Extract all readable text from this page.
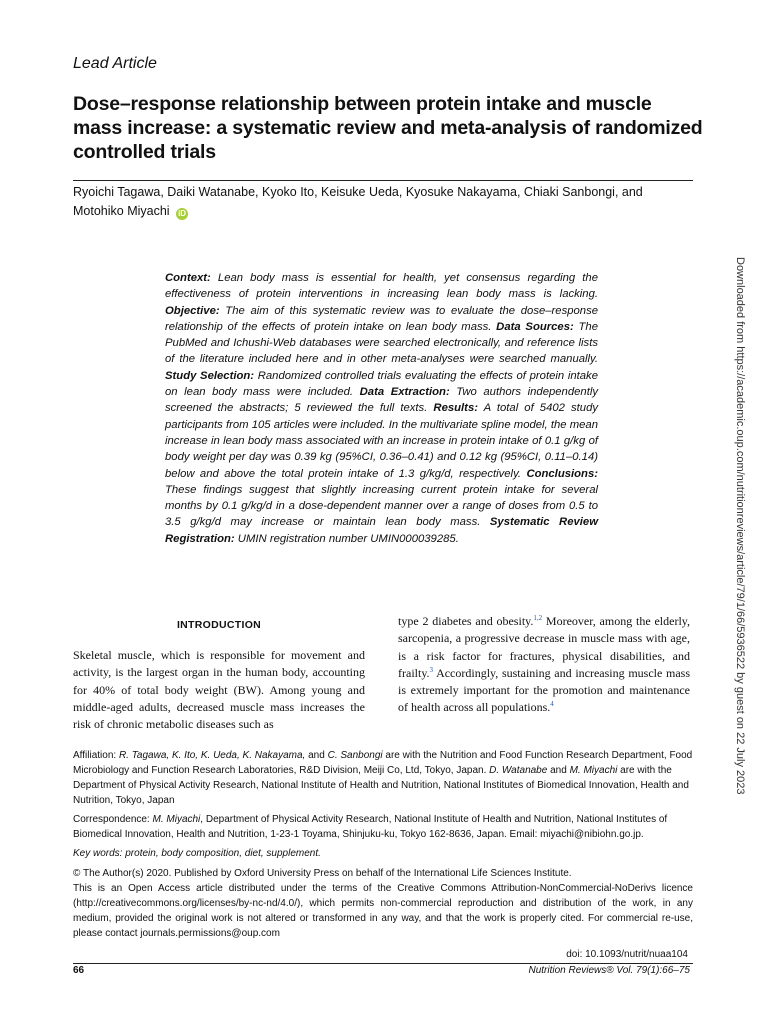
Lead Article
Dose–response relationship between protein intake and muscle mass increase: a systematic review and meta-analysis of randomized controlled trials
Ryoichi Tagawa, Daiki Watanabe, Kyoko Ito, Keisuke Ueda, Kyosuke Nakayama, Chiaki Sanbongi, and Motohiko Miyachi iD
Context: Lean body mass is essential for health, yet consensus regarding the effectiveness of protein interventions in increasing lean body mass is lacking. Objective: The aim of this systematic review was to evaluate the dose–response relationship of the effects of protein intake on lean body mass. Data Sources: The PubMed and Ichushi-Web databases were searched electronically, and reference lists of the literature included here and in other meta-analyses were searched manually. Study Selection: Randomized controlled trials evaluating the effects of protein intake on lean body mass were included. Data Extraction: Two authors independently screened the abstracts; 5 reviewed the full texts. Results: A total of 5402 study participants from 105 articles were included. In the multivariate spline model, the mean increase in lean body mass associated with an increase in protein intake of 0.1 g/kg of body weight per day was 0.39 kg (95%CI, 0.36–0.41) and 0.12 kg (95%CI, 0.11–0.14) below and above the total protein intake of 1.3 g/kg/d, respectively. Conclusions: These findings suggest that slightly increasing current protein intake for several months by 0.1 g/kg/d in a dose-dependent manner over a range of doses from 0.5 to 3.5 g/kg/d may increase or maintain lean body mass. Systematic Review Registration: UMIN registration number UMIN000039285.
INTRODUCTION
Skeletal muscle, which is responsible for movement and activity, is the largest organ in the human body, accounting for 40% of total body weight (BW). Among young and middle-aged adults, decreased muscle mass increases the risk of chronic metabolic diseases such as
type 2 diabetes and obesity.$^{1,2}$ Moreover, among the elderly, sarcopenia, a progressive decrease in muscle mass with age, is a risk factor for fractures, physical disabilities, and frailty.$^3$ Accordingly, sustaining and increasing muscle mass is extremely important for the promotion and maintenance of health across all populations.$^4$
Affiliation: R. Tagawa, K. Ito, K. Ueda, K. Nakayama, and C. Sanbongi are with the Nutrition and Food Function Research Department, Food Microbiology and Function Research Laboratories, R&D Division, Meiji Co, Ltd, Tokyo, Japan. D. Watanabe and M. Miyachi are with the Department of Physical Activity Research, National Institute of Health and Nutrition, National Institutes of Biomedical Innovation, Health and Nutrition, Tokyo, Japan
Correspondence: M. Miyachi, Department of Physical Activity Research, National Institute of Health and Nutrition, National Institutes of Biomedical Innovation, Health and Nutrition, 1-23-1 Toyama, Shinjuku-ku, Tokyo 162-8636, Japan. Email: miyachi@nibiohn.go.jp.
Key words: protein, body composition, diet, supplement.
© The Author(s) 2020. Published by Oxford University Press on behalf of the International Life Sciences Institute.
This is an Open Access article distributed under the terms of the Creative Commons Attribution-NonCommercial-NoDerivs licence (http://creativecommons.org/licenses/by-nc-nd/4.0/), which permits non-commercial reproduction and distribution of the work, in any medium, provided the original work is not altered or transformed in any way, and that the work is properly cited. For commercial re-use, please contact journals.permissions@oup.com
doi: 10.1093/nutrit/nuaa104
66	Nutrition Reviews® Vol. 79(1):66–75
Downloaded from https://academic.oup.com/nutritionreviews/article/79/1/66/5936522 by guest on 22 July 2023
